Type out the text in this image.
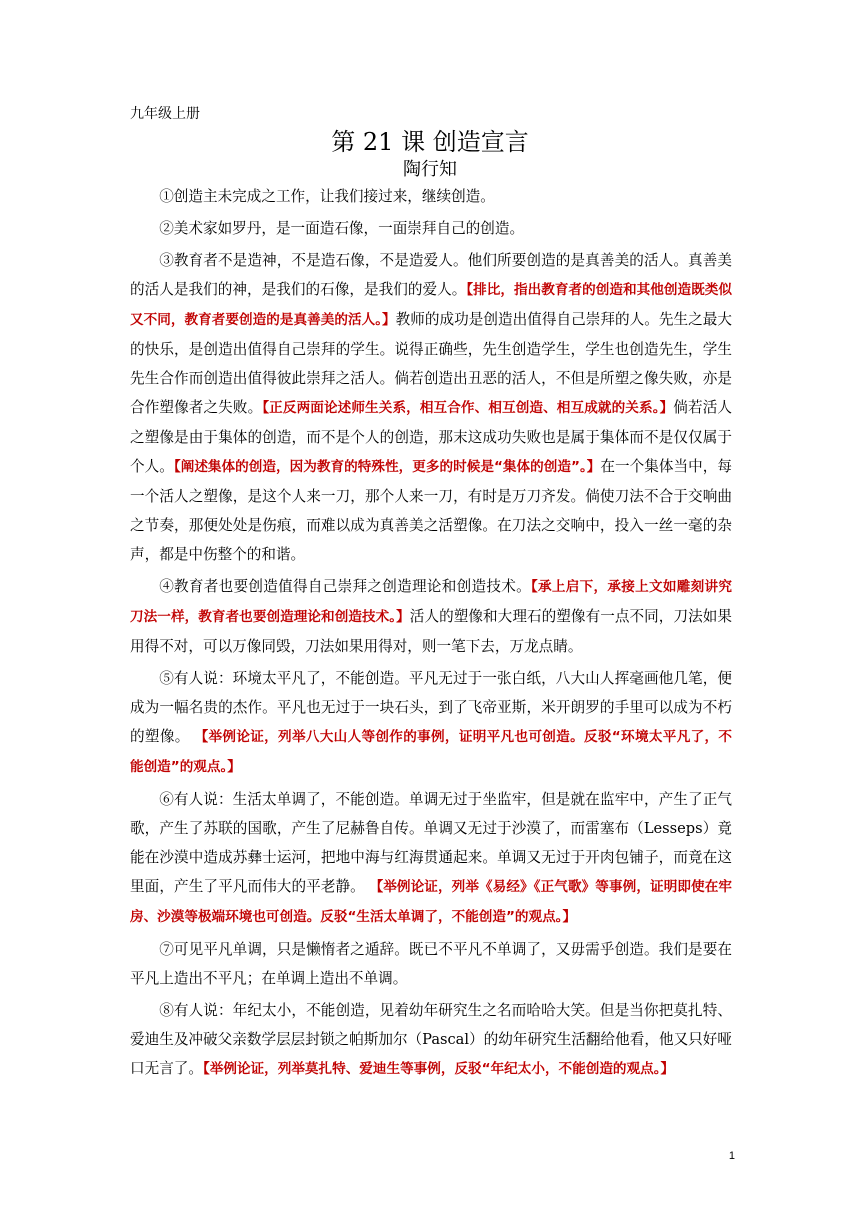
九年级上册
第 21 课 创造宣言
陶行知

①创造主未完成之工作，让我们接过来，继续创造。

②美术家如罗丹，是一面造石像，一面崇拜自己的创造。

③教育者不是造神，不是造石像，不是造爱人。他们所要创造的是真善美的活人。真善美的活人是我们的神，是我们的石像，是我们的爱人。【排比，指出教育者的创造和其他创造既类似又不同，教育者要创造的是真善美的活人。】教师的成功是创造出值得自己崇拜的人。先生之最大的快乐，是创造出值得自己崇拜的学生。说得正确些，先生创造学生，学生也创造先生，学生先生合作而创造出值得彼此崇拜之活人。倘若创造出丑恶的活人，不但是所塑之像失败，亦是合作塑像者之失败。【正反两面论述师生关系，相互合作、相互创造、相互成就的关系。】倘若活人之塑像是由于集体的创造，而不是个人的创造，那末这成功失败也是属于集体而不是仅仅属于个人。【阐述集体的创造，因为教育的特殊性，更多的时候是“集体的创造”。】在一个集体当中，每一个活人之塑像，是这个人来一刀，那个人来一刀，有时是万刀齐发。倘使刀法不合于交响曲之节奏，那便处处是伤痕，而难以成为真善美之活塑像。在刀法之交响中，投入一丝一毫的杂声，都是中伤整个的和谐。

④教育者也要创造值得自己崇拜之创造理论和创造技术。【承上启下，承接上文如雕刻讲究刀法一样，教育者也要创造理论和创造技术。】活人的塑像和大理石的塑像有一点不同，刀法如果用得不对，可以万像同毁，刀法如果用得对，则一笔下去，万龙点睛。

⑤有人说：环境太平凡了，不能创造。平凡无过于一张白纸，八大山人挥毫画他几笔，便成为一幅名贵的杰作。平凡也无过于一块石头，到了飞帝亚斯，米开朗罗的手里可以成为不朽的塑像。 【举例论证，列举八大山人等创作的事例，证明平凡也可创造。反驳“环境太平凡了，不能创造”的观点。】

⑥有人说：生活太单调了，不能创造。单调无过于坐监牢，但是就在监牢中，产生了正气歌，产生了苏联的国歌，产生了尼赫鲁自传。单调又无过于沙漠了，而雷塞布（Lesseps）竟能在沙漠中造成苏彝士运河，把地中海与红海贯通起来。单调又无过于开肉包铺子，而竟在这里面，产生了平凡而伟大的平老静。 【举例论证，列举《易经》《正气歌》等事例，证明即使在牢房、沙漠等极端环境也可创造。反驳“生活太单调了，不能创造”的观点。】

⑦可见平凡单调，只是懒惰者之遁辞。既已不平凡不单调了，又毋需乎创造。我们是要在平凡上造出不平凡；在单调上造出不单调。

⑧有人说：年纪太小，不能创造，见着幼年研究生之名而哈哈大笑。但是当你把莫扎特、爱迪生及冲破父亲数学层层封锁之帕斯加尔（Pascal）的幼年研究生活翻给他看，他又只好哑口无言了。【举例论证，列举莫扎特、爱迪生等事例，反驳“年纪太小，不能创造的观点。】

1
